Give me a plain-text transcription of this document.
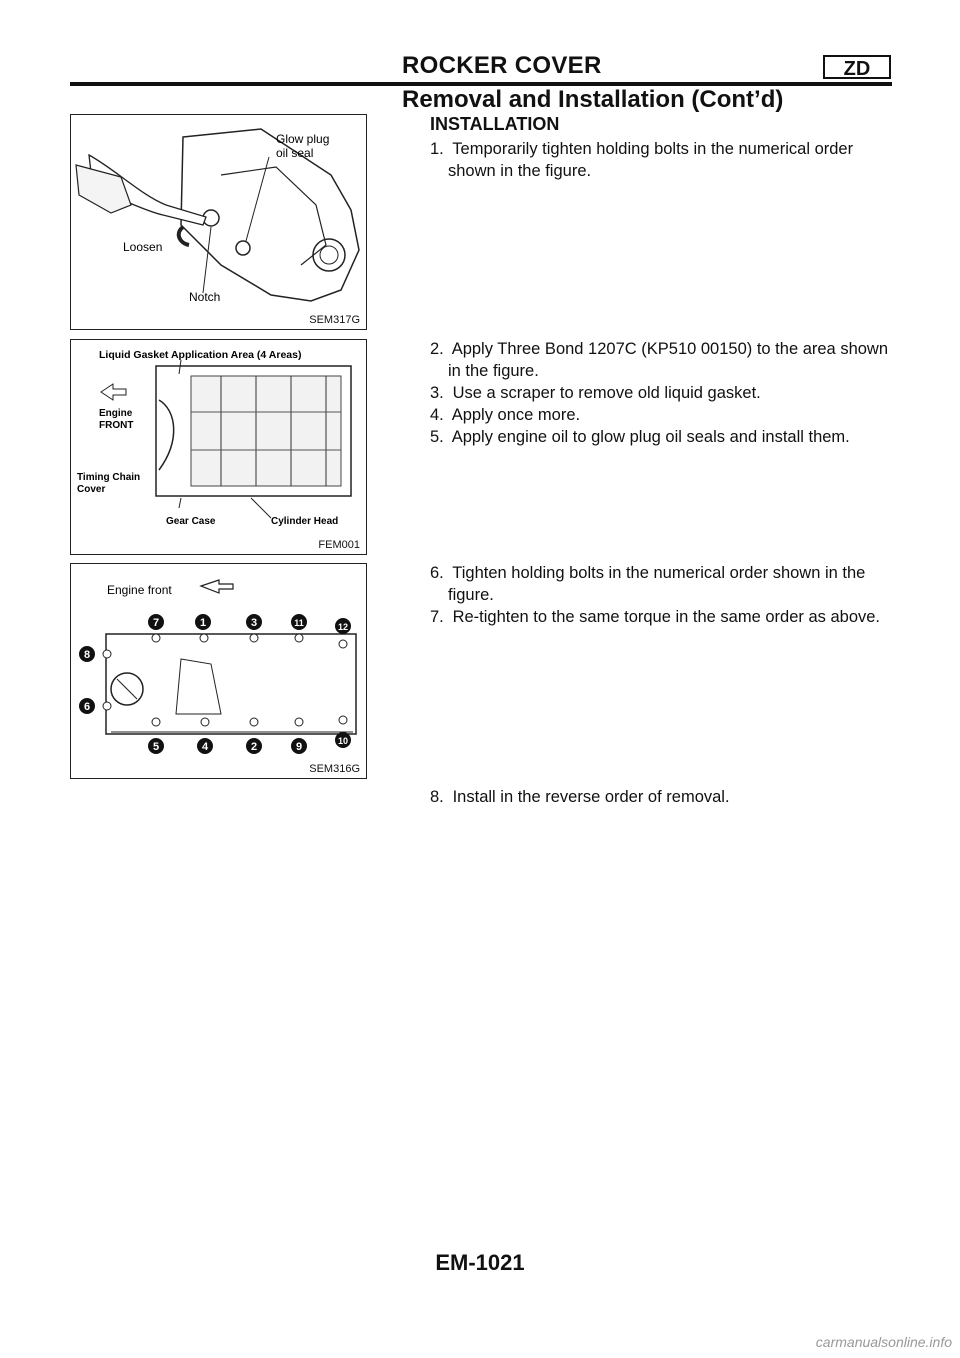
ROCKER COVER	ZD
Removal and Installation (Cont’d)
Glow plug
oil seal
Loosen
Notch
SEM317G
Liquid Gasket Application Area (4 Areas)
Engine
FRONT
Timing Chain
Cover
Gear Case	Cylinder Head
FEM001
Engine front
1
2
3
4
5
6
7
8
9	10
11	12
SEM316G
INSTALLATION
1. Temporarily tighten holding bolts in the numerical order
shown in the figure.
2. Apply Three Bond 1207C (KP510 00150) to the area shown
in the figure.
3. Use a scraper to remove old liquid gasket.
4. Apply once more.
5. Apply engine oil to glow plug oil seals and install them.
6. Tighten holding bolts in the numerical order shown in the
figure.
7. Re-tighten to the same torque in the same order as above.
8. Install in the reverse order of removal.
EM-1021
carmanualsonline.info
